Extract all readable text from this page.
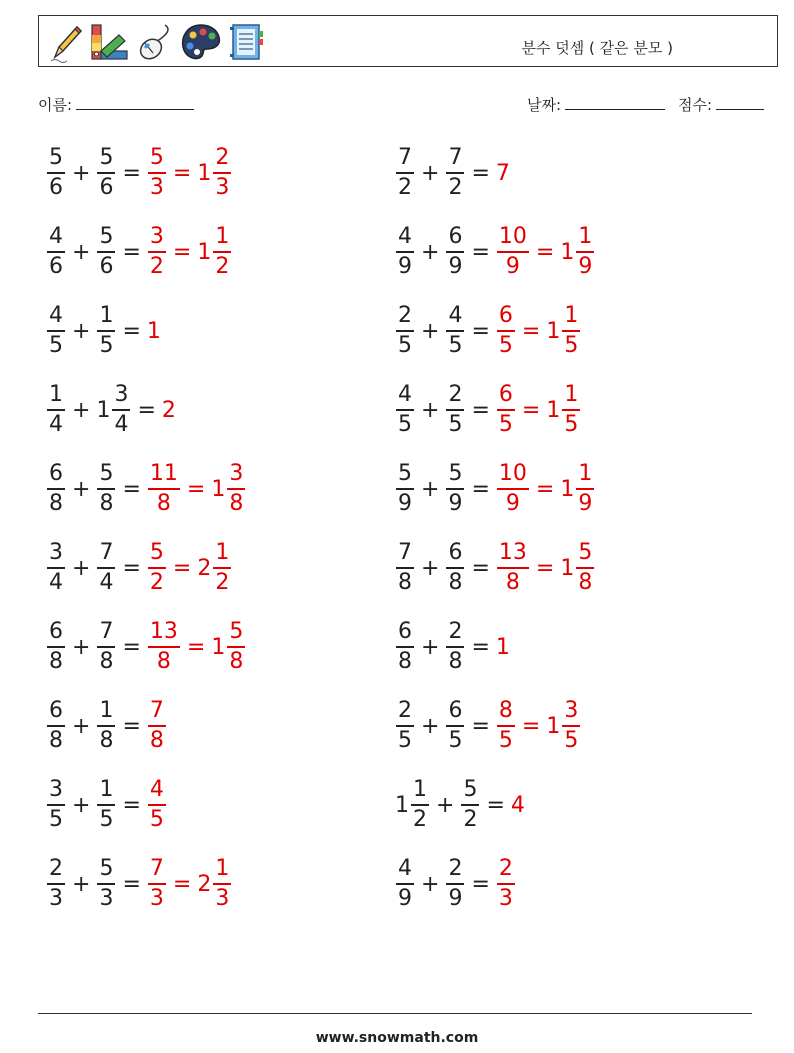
분수 덧셈 ( 같은 분모 )
이름:	날짜:	점수:
$\frac{5}{6} + \frac{5}{6} = \frac{5}{3} = 1 \frac{2}{3}$	$\frac{7}{2} + \frac{7}{2} = 7$
$\frac{4}{6} + \frac{5}{6} = \frac{3}{2} = 1 \frac{1}{2}$	$\frac{4}{9} + \frac{6}{9} = \frac{10}{9} = 1 \frac{1}{9}$
$\frac{4}{5} + \frac{1}{5} = 1$	$\frac{2}{5} + \frac{4}{5} = \frac{6}{5} = 1 \frac{1}{5}$
$\frac{1}{4} + 1 \frac{3}{4} = 2$	$\frac{4}{5} + \frac{2}{5} = \frac{6}{5} = 1 \frac{1}{5}$
$\frac{6}{8} + \frac{5}{8} = \frac{11}{8} = 1 \frac{3}{8}$	$\frac{5}{9} + \frac{5}{9} = \frac{10}{9} = 1 \frac{1}{9}$
$\frac{3}{4} + \frac{7}{4} = \frac{5}{2} = 2 \frac{1}{2}$	$\frac{7}{8} + \frac{6}{8} = \frac{13}{8} = 1 \frac{5}{8}$
$\frac{6}{8} + \frac{7}{8} = \frac{13}{8} = 1 \frac{5}{8}$	$\frac{6}{8} + \frac{2}{8} = 1$
$\frac{6}{8} + \frac{1}{8} = \frac{7}{8}$	$\frac{2}{5} + \frac{6}{5} = \frac{8}{5} = 1 \frac{3}{5}$
$\frac{3}{5} + \frac{1}{5} = \frac{4}{5}$	$1 \frac{1}{2} + \frac{5}{2} = 4$
$\frac{2}{3} + \frac{5}{3} = \frac{7}{3} = 2 \frac{1}{3}$	$\frac{4}{9} + \frac{2}{9} = \frac{2}{3}$
www.snowmath.com
